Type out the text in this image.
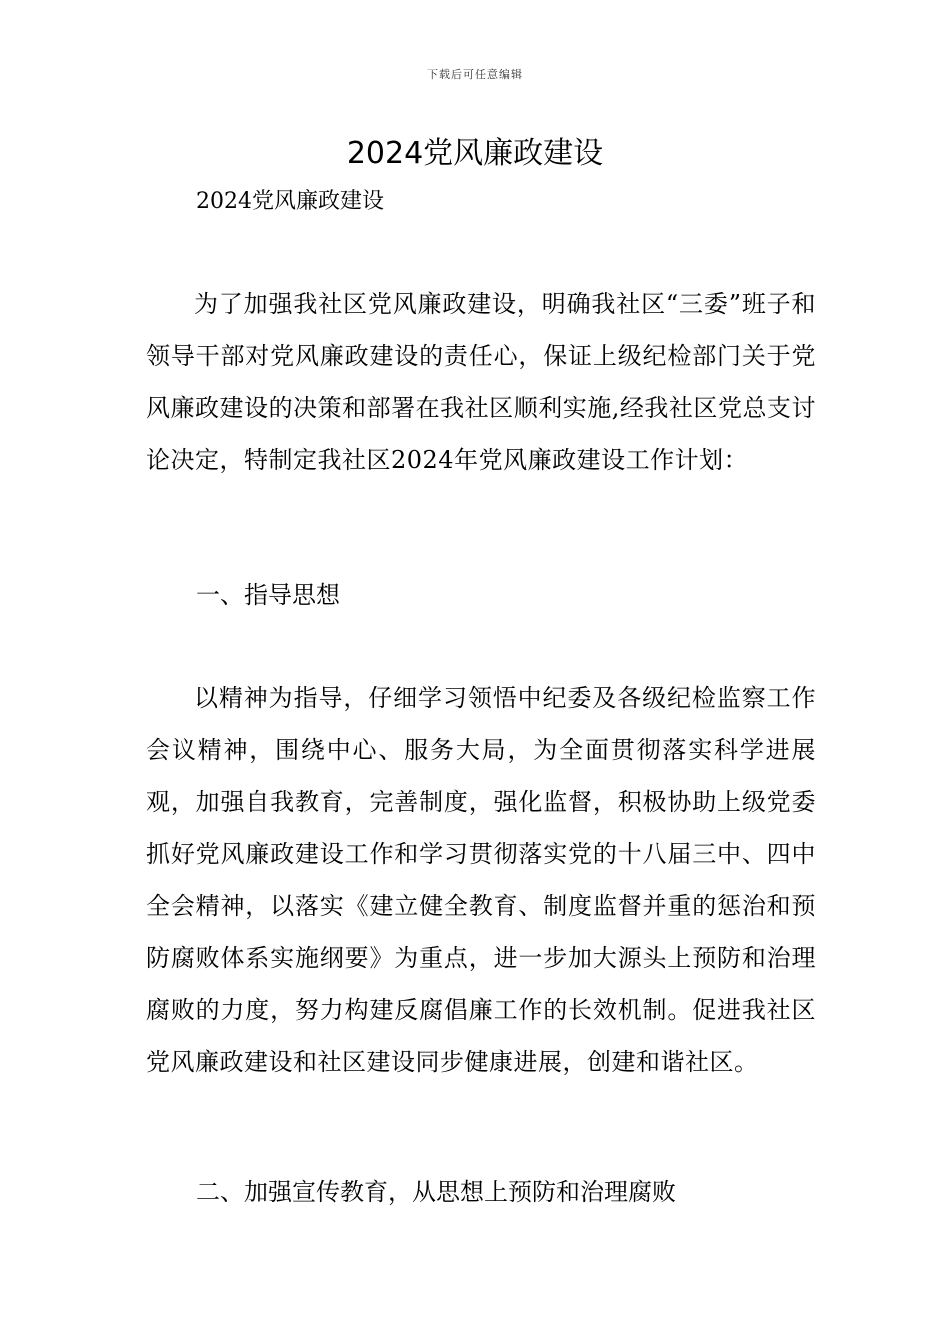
下载后可任意编辑
2024党风廉政建设

2024党风廉政建设

为了加强我社区党风廉政建设，明确我社区“三委”班子和领导干部对党风廉政建设的责任心，保证上级纪检部门关于党风廉政建设的决策和部署在我社区顺利实施,经我社区党总支讨论决定，特制定我社区2024年党风廉政建设工作计划：

一、指导思想

以精神为指导，仔细学习领悟中纪委及各级纪检监察工作会议精神，围绕中心、服务大局，为全面贯彻落实科学进展观，加强自我教育，完善制度，强化监督，积极协助上级党委抓好党风廉政建设工作和学习贯彻落实党的十八届三中、四中全会精神，以落实《建立健全教育、制度监督并重的惩治和预防腐败体系实施纲要》为重点，进一步加大源头上预防和治理腐败的力度，努力构建反腐倡廉工作的长效机制。促进我社区党风廉政建设和社区建设同步健康进展，创建和谐社区。

二、加强宣传教育，从思想上预防和治理腐败
